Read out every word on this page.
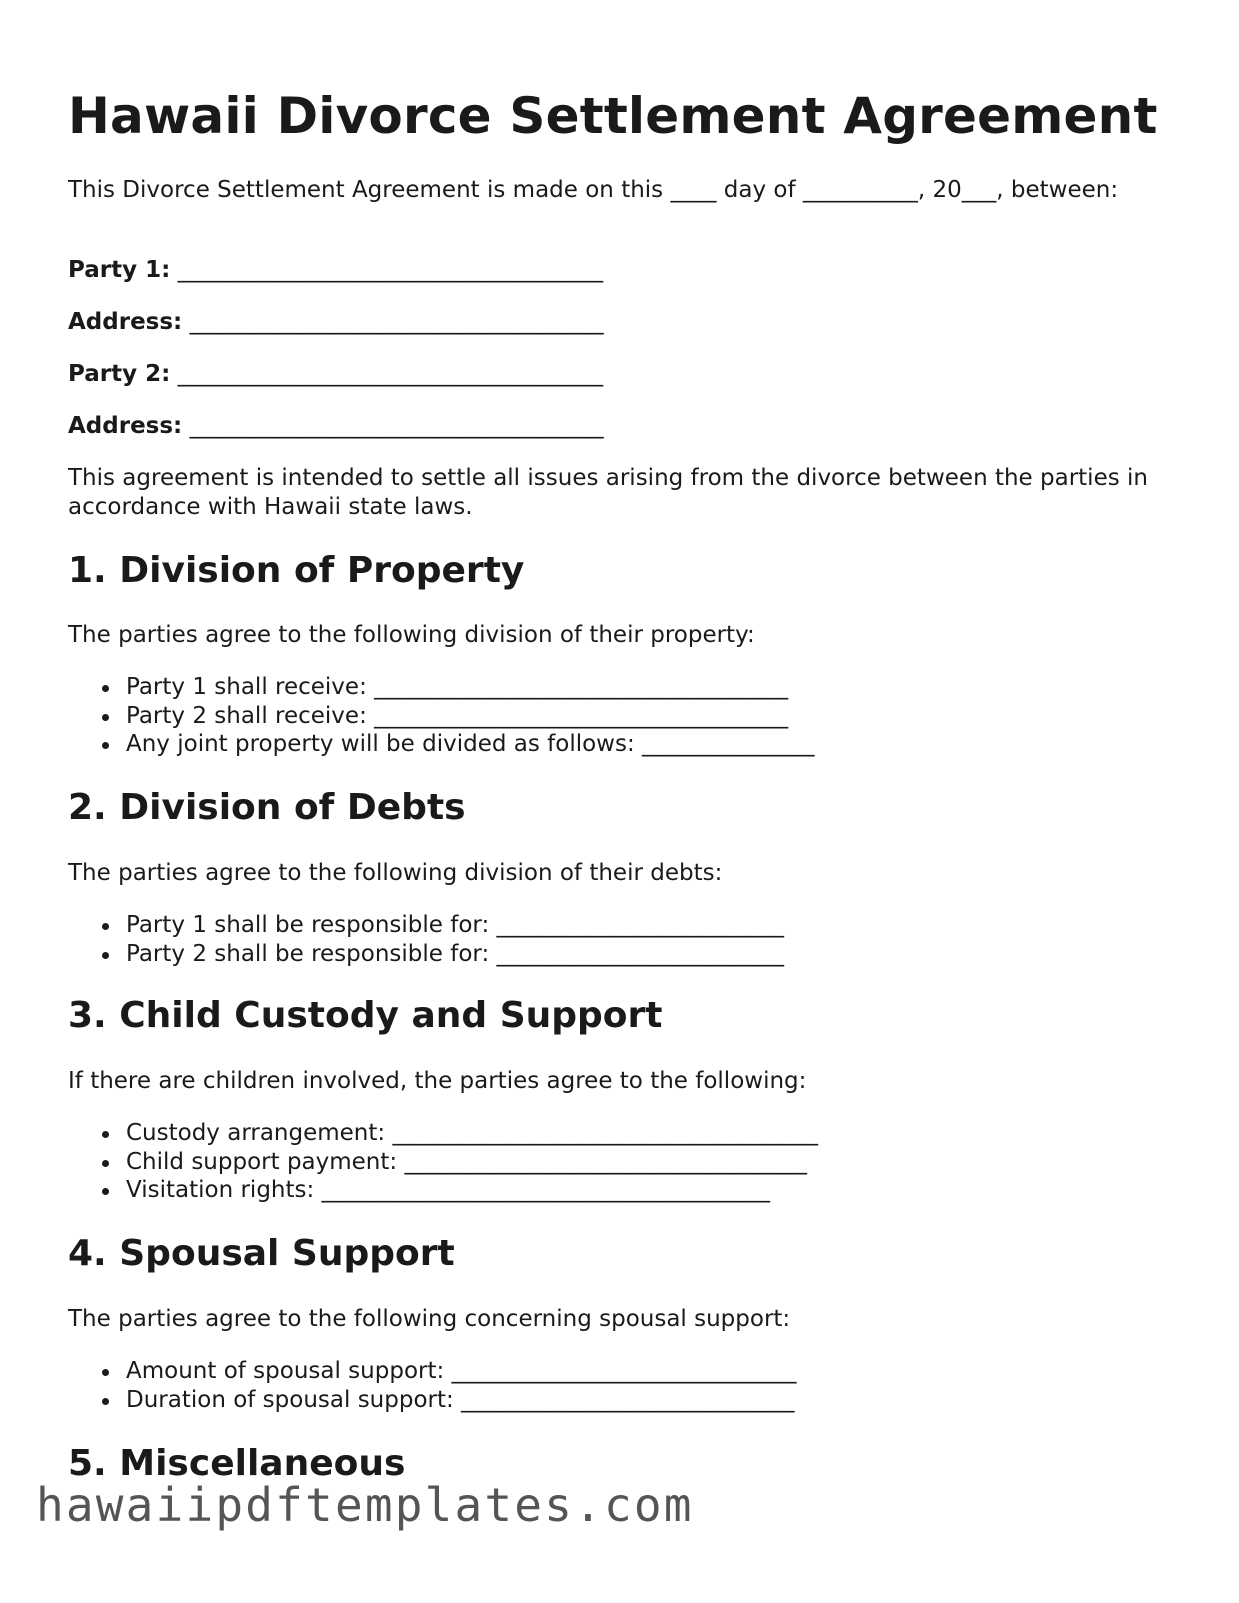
Hawaii Divorce Settlement Agreement

This Divorce Settlement Agreement is made on this ____ day of __________, 20___, between:

Party 1: _____________________________________
Address: ____________________________________
Party 2: _____________________________________
Address: ____________________________________

This agreement is intended to settle all issues arising from the divorce between the parties in accordance with Hawaii state laws.

1. Division of Property

The parties agree to the following division of their property:

Party 1 shall receive: ____________________________________
Party 2 shall receive: ____________________________________
Any joint property will be divided as follows: _______________
2. Division of Debts

The parties agree to the following division of their debts:

Party 1 shall be responsible for: _________________________
Party 2 shall be responsible for: _________________________
3. Child Custody and Support

If there are children involved, the parties agree to the following:

Custody arrangement: _____________________________________
Child support payment: ___________________________________
Visitation rights: _______________________________________
4. Spousal Support

The parties agree to the following concerning spousal support:

Amount of spousal support: ______________________________
Duration of spousal support: _____________________________
5. Miscellaneous
hawaiipdftemplates.com
